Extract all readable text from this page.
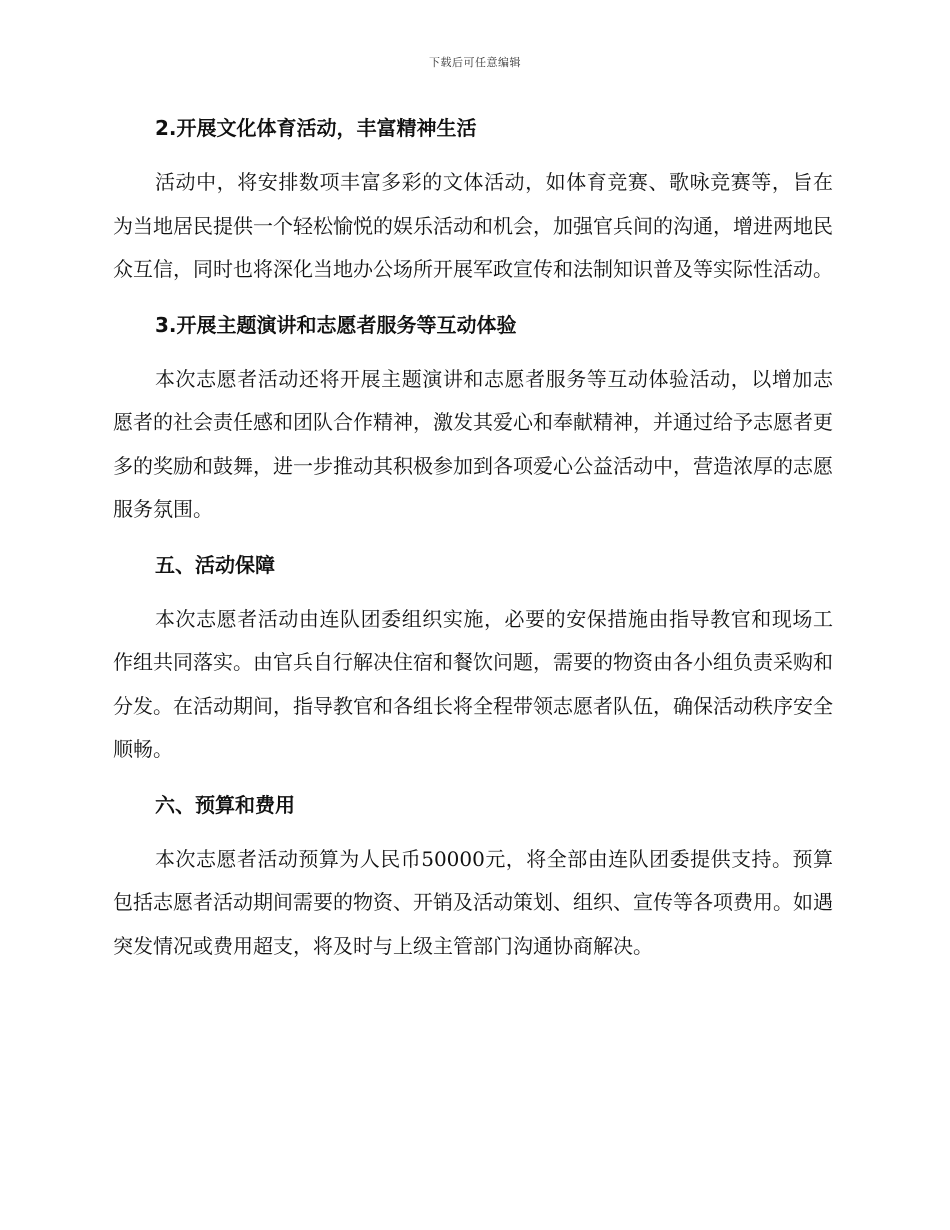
下载后可任意编辑
2.开展文化体育活动，丰富精神生活
活动中，将安排数项丰富多彩的文体活动，如体育竞赛、歌咏竞赛等，旨在为当地居民提供一个轻松愉悦的娱乐活动和机会，加强官兵间的沟通，增进两地民众互信，同时也将深化当地办公场所开展军政宣传和法制知识普及等实际性活动。
3.开展主题演讲和志愿者服务等互动体验
本次志愿者活动还将开展主题演讲和志愿者服务等互动体验活动，以增加志愿者的社会责任感和团队合作精神，激发其爱心和奉献精神，并通过给予志愿者更多的奖励和鼓舞，进一步推动其积极参加到各项爱心公益活动中，营造浓厚的志愿服务氛围。
五、活动保障
本次志愿者活动由连队团委组织实施，必要的安保措施由指导教官和现场工作组共同落实。由官兵自行解决住宿和餐饮问题，需要的物资由各小组负责采购和分发。在活动期间，指导教官和各组长将全程带领志愿者队伍，确保活动秩序安全顺畅。
六、预算和费用
本次志愿者活动预算为人民币50000元，将全部由连队团委提供支持。预算包括志愿者活动期间需要的物资、开销及活动策划、组织、宣传等各项费用。如遇突发情况或费用超支，将及时与上级主管部门沟通协商解决。
